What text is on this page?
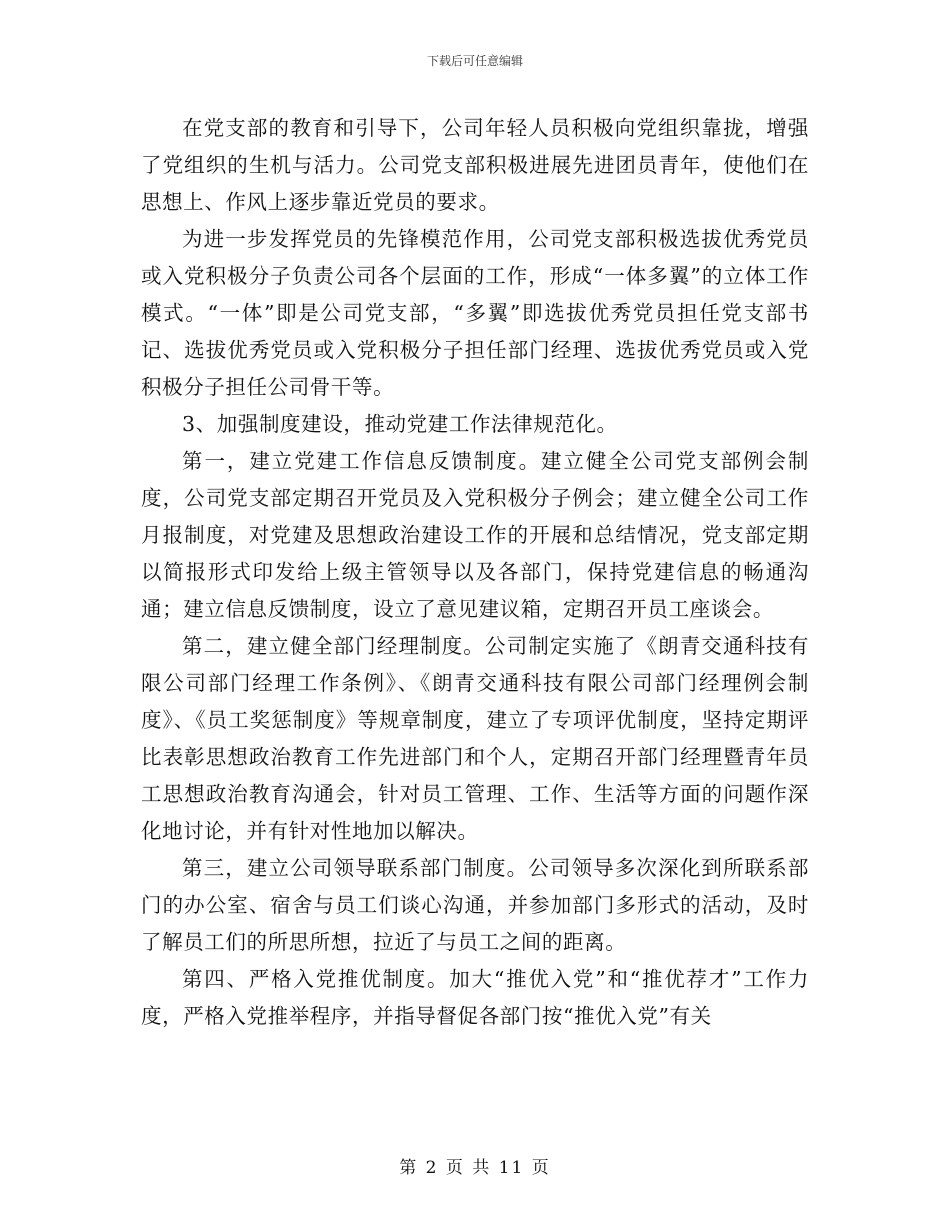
下载后可任意编辑

在党支部的教育和引导下，公司年轻人员积极向党组织靠拢，增强了党组织的生机与活力。公司党支部积极进展先进团员青年，使他们在思想上、作风上逐步靠近党员的要求。

为进一步发挥党员的先锋模范作用，公司党支部积极选拔优秀党员或入党积极分子负责公司各个层面的工作，形成“一体多翼”的立体工作模式。“一体”即是公司党支部，“多翼”即选拔优秀党员担任党支部书记、选拔优秀党员或入党积极分子担任部门经理、选拔优秀党员或入党积极分子担任公司骨干等。

3、加强制度建设，推动党建工作法律规范化。

第一，建立党建工作信息反馈制度。建立健全公司党支部例会制度，公司党支部定期召开党员及入党积极分子例会；建立健全公司工作月报制度，对党建及思想政治建设工作的开展和总结情况，党支部定期以简报形式印发给上级主管领导以及各部门，保持党建信息的畅通沟通；建立信息反馈制度，设立了意见建议箱，定期召开员工座谈会。

第二，建立健全部门经理制度。公司制定实施了《朗青交通科技有限公司部门经理工作条例》、《朗青交通科技有限公司部门经理例会制度》、《员工奖惩制度》等规章制度，建立了专项评优制度，坚持定期评比表彰思想政治教育工作先进部门和个人，定期召开部门经理暨青年员工思想政治教育沟通会，针对员工管理、工作、生活等方面的问题作深化地讨论，并有针对性地加以解决。

第三，建立公司领导联系部门制度。公司领导多次深化到所联系部门的办公室、宿舍与员工们谈心沟通，并参加部门多形式的活动，及时了解员工们的所思所想，拉近了与员工之间的距离。

第四、严格入党推优制度。加大“推优入党”和“推优荐才”工作力度，严格入党推举程序，并指导督促各部门按“推优入党”有关

第 2 页 共 11 页
